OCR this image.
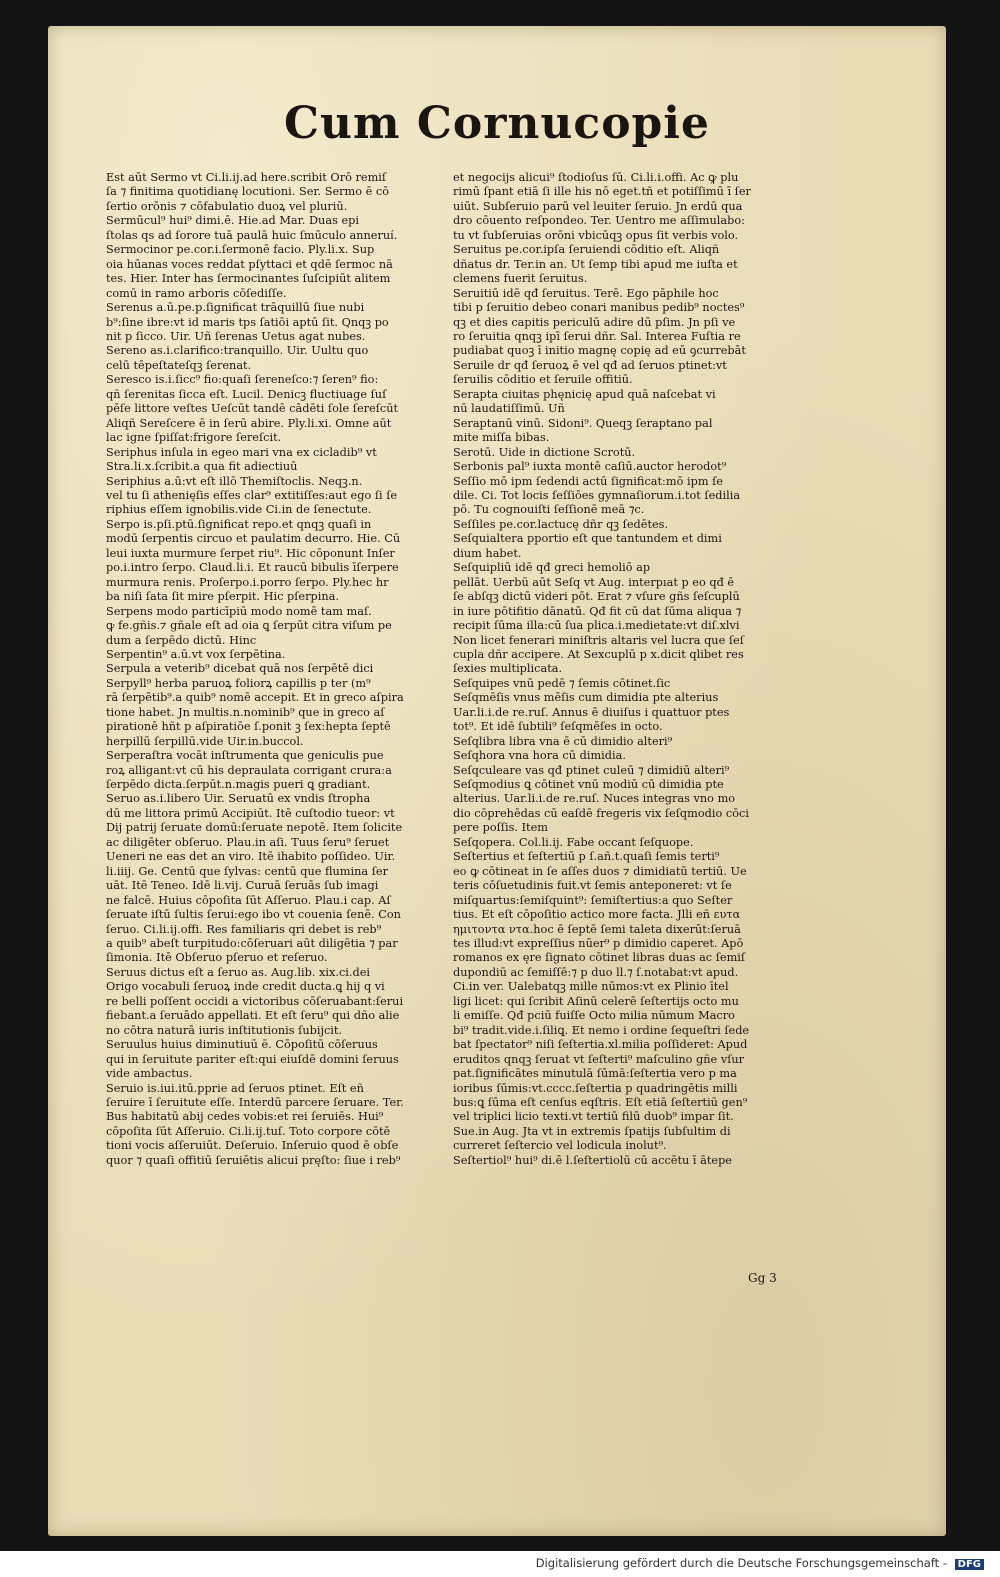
Cum Cornucopie

Est aūt Sermo vt Ci.li.ij.ad here.scribit Orō remiſ

ſa ⁊ finitima quotidianę locutioni. Ser. Sermo ē cō

ſertio orōnis ⁊ cōfabulatio duoꝝ vel pluriū.

Sermūcul⁹ hui⁹ dimi.ē. Hie.ad Mar. Duas epi

ſtolas qs ad ſorore tuā paulā huic ſmūculo anneruí.

Sermocinor pe.cor.i.ſermonē facio. Ply.li.x. Sup

oia hūanas voces reddat pſyttaci et qdē ſermoc nā

tes. Hier. Inter has ſermocinantes ſuſcipiūt alitem

comū in ramo arboris cōſediſſe.

Serenus a.ū.pe.p.ſignificat trāquillū ſiue nubi

b⁹:ſine ibre:vt id maris tps ſatiōi aptū ſit. Qnqꝫ po

nit p ſicco. Uir. Uñ ſerenas Uetus agat nubes.

Sereno as.i.clarifico:tranquillo. Uir. Uultu quo

celū tēpeſtateſqꝫ ſerenat.

Seresco is.i.ſicc⁹ fio:quaſi ſereneſco:⁊ ſeren⁹ fio:

qñ ſerenitas ſicca eſt. Lucil. Denicꝫ fluctiuage ſuſ

pēſe littore veſtes Ueſcūt tandē cādēti ſole ſereſcūt

Aliqñ Sereſcere ē in ſerū abire. Ply.li.xi. Omne aūt

lac igne ſpiſſat:frigore ſereſcit.

Seriphus inſula in egeo mari vna ex cicladib⁹ vt

Stra.li.x.ſcribit.a qua fit adiectiuū

Seriphius a.ū:vt eſt illō Themiſtoclis. Neqꝫ.n.

vel tu ſi athenięſis eſſes clar⁹ extitiſſes:aut ego ſi ſe

riphius eſſem ignobilis.vide Ci.in de ſenectute.

Serpo is.pſi.ptū.ſignificat repo.et qnqꝫ quaſi in

modū ſerpentis circuo et paulatim decurro. Hie. Cū

leui iuxta murmure ſerpet riu⁹. Hic cōponunt Inſer

po.i.intro ſerpo. Claud.li.i. Et raucū bibulis īſerpere

murmura renis. Proſerpo.i.porro ſerpo. Ply.hec hr

ba niſi ſata ſit mire pſerpit. Hic pſerpina.

Serpens modo particīpiū modo nomē tam maſ.

ꝙ fe.gñis.⁊ gñale eſt ad oia ꝗ ſerpūt citra viſum pe

dum a ſerpēdo dictū. Hinc

Serpentin⁹ a.ū.vt vox ſerpētina.

Serpula a veterib⁹ dicebat quā nos ſerpētē dici

Serpyll⁹ herba paruoꝝ foliorꝝ capillis p ter (m⁹

rā ſerpētib⁹.a quib⁹ nomē accepit. Et in greco aſpira

tione habet. Jn multis.n.nominib⁹ que in greco aſ

pirationē hñt p aſpiratiōe ſ.ponit ꝫ ſex:hepta ſeptē

herpillū ſerpillū.vide Uir.in.buccol.

Serperaſtra vocāt inſtrumenta que geniculis pue

roꝝ alligant:vt cū his depraulata corrigant crura:a

ſerpēdo dicta.ſerpūt.n.magis pueri ꝗ gradiant.

Seruo as.i.libero Uir. Seruatū ex vndis ſtropha

dū me littora primū Accipiūt. Itē cuſtodio tueor: vt

Dij patrij ſeruate domū:ſeruate nepotē. Item ſolicite

ac diligēter obſeruo. Plau.in aſi. Tuus ſeru⁹ ſeruet

Ueneri ne eas det an viro. Itē ihabito poſſideo. Uir.

li.iiij. Ge. Centū que ſylvas: centū que flumina ſer

uāt. Itē Teneo. Idē li.vij. Curuā ſeruās ſub imagi

ne falcē. Huius cōpoſita ſūt Aſſeruo. Plau.i cap. Aſ

ſeruate iſtū ſultis ſerui:ego ibo vt couenia ſenē. Con

ſeruo. Ci.li.ij.offi. Res familiaris qri debet is reb⁹

a quib⁹ abeſt turpitudo:cōſeruari aūt diligētia ⁊ par

ſimonia. Itē Obſeruo pſeruo et reſeruo.

Seruus dictus eſt a ſeruo as. Aug.lib. xix.ci.dei

Origo vocabuli ſeruoꝝ inde credit ducta.ꝗ hij q vi

re belli poſſent occidi a victoribus cōſeruabant:ſerui

fiebant.a ſeruādo appellati. Et eſt ſeru⁹ qui dño alie

no cōtra naturā iuris inſtitutionis ſubijcit.

Seruulus huius diminutiuū ē. Cōpoſitū cōſeruus

qui in ſeruitute pariter eſt:qui eiuſdē domini ſeruus

vide ambactus.

Seruio is.iui.itū.pprie ad ſeruos ptinet. Eſt eñ

ſeruire ī ſeruitute eſſe. Interdū parcere ſeruare. Ter.

Bus habitatū abij cedes vobis:et rei ſeruiēs. Hui⁹

cōpoſita ſūt Aſſeruio. Ci.li.ij.tuſ. Toto corpore cōtē

tioni vocis aſſeruiūt. Deſeruio. Inſeruio quod ē obſe

quor ⁊ quaſi offitiū ſeruiētis alicui pręſto: ſiue i reb⁹

et negocijs alicui⁹ ſtodioſus ſū. Ci.li.i.offi. Ac ꝙ plu

rimū ſpant etiā ſi ille his nō eget.tñ et potiſſimū ī ſer

uiūt. Subſeruio parū vel leuiter ſeruio. Jn erdū qua

dro cōuento reſpondeo. Ter. Uentro me aſſimulabo:

tu vt ſubſeruias orōni vbicūqꝫ opus ſit verbis volo.

Seruitus pe.cor.ipſa ſeruiendi cōditio eſt. Aliqñ

dñatus dr. Ter.in an. Ut ſemp tibi apud me iuſta et

clemens fuerit ſeruitus.

Seruitiū idē qđ ſeruitus. Terē. Ego pāphile hoc

tibi p ſeruitio debeo conari manibus pedib⁹ noctes⁹

qꝫ et dies capitis periculū adire dū pſim. Jn pſi ve

ro ſeruitia qnqꝫ ipī ſerui dñr. Sal. Interea Fuſtia re

pudiabat quoꝫ ī initio magnę copię ad eū ꝯcurrebāt

Seruile dr qđ ſeruoꝝ ē vel qđ ad ſeruos ptinet:vt

ſeruilis cōditio et ſeruile offitiū.

Serapta ciuitas phęnicię apud quā naſcebat vi

nū laudatiſſimū. Uñ

Seraptanū vinū. Sidoni⁹. Queqꝫ ſeraptano pal

mite miſſa bibas.

Serotū. Uide in dictione Scrotū.

Serbonis pal⁹ iuxta montē caſiū.auctor herodot⁹

Seſſio mō ipm ſedendi actū ſignificat:mō ipm ſe

dile. Ci. Tot locis ſeſſiōes gymnaſiorum.i.tot ſedilia

pō. Tu cognouiſti ſeſſionē meā ⁊c.

Seſſiles pe.cor.lactucę dñr qꝫ ſedētes.

Seſquialtera pportio eſt que tantundem et dimi

dium habet.

Seſquipliū idē qđ greci hemoliō ap

pellāt. Uerbū aūt Seſq vt Aug. interpıat p eo qđ ē

ſe abſqꝫ dictū videri pōt. Erat ⁊ vſure gñs ſeſcuplū

in iure pōtifitio dānatū. Qđ fit cū dat ſūma aliqua ⁊

recipit ſūma illa:cū ſua plica.i.medietate:vt diſ.xlvi

Non licet fenerari miniſtris altaris vel lucra que ſeſ

cupla dñr accipere. At Sexcuplū p x.dicit qlibet res

ſexies multiplicata.

Seſquipes vnū pedē ⁊ ſemis cōtinet.ſic

Seſqmēſis vnus mēſis cum dimidia pte alterius

Uar.li.i.de re.ruſ. Annus ē diuiſus i quattuor ptes

tot⁹. Et idē ſubtili⁹ ſeſqmēſes in octo.

Seſqlibra libra vna ē cū dimidio alteri⁹

Seſqhora vna hora cū dimidia.

Seſqculeare vas qđ ptinet culeū ⁊ dimidiū alteri⁹

Seſqmodius ꝗ cōtinet vnū modiū cū dimidia pte

alterius. Uar.li.i.de re.ruſ. Nuces integras vno mo

dio cōprehēdas cū eaſdē fregeris vix ſeſqmodio cōci

pere poſſis. Item

Seſqopera. Col.li.ij. Fabe occant ſeſquope.

Seſtertius et ſeſtertiū p ſ.añ.t.quaſi ſemis terti⁹

eo ꝙ cōtineat in ſe aſſes duos ⁊ dimidiatū tertiū. Ue

teris cōſuetudinis fuit.vt ſemis anteponeret: vt ſe

miſquartus:ſemiſquint⁹: ſemiſtertius:a quo Seſter

tius. Et eſt cōpoſitio actico more facta. Jlli eñ ευτα

ημιτοντα ντα.hoc ē ſeptē ſemi taleta dixerūt:ſeruā

tes illud:vt expreſſius nūer⁹ p dimidio caperet. Apō

romanos ex ęre ſignato cōtinet libras duas ac ſemiſ

dupondiū ac ſemiſſē:⁊ p duo ll.⁊ ſ.notabat:vt apud.

Ci.in ver. Ualebatqꝫ mille nūmos:vt ex Plinio ītel

ligi licet: qui ſcribit Aſinū celerē ſeſtertijs octo mu

li emiſſe. Qđ pciū fuiſſe Octo milia nūmum Macro

bi⁹ tradit.vide.i.ſiliꝗ. Et nemo i ordine ſequeſtri ſede

bat ſpectator⁹ niſi ſeſtertia.xl.milia poſſideret: Apud

eruditos qnqꝫ ſeruat vt ſeſterti⁹ maſculino gñe vſur

pat.ſignificātes minutulā ſūmā:ſeſtertia vero p ma

ioribus ſūmis:vt.cccc.ſeſtertia p quadringētis milli

bus:ꝗ ſūma eſt cenſus eqſtris. Eſt etiā ſeſtertiū gen⁹

vel triplici licio texti.vt tertiū filū duob⁹ impar ſit.

Sue.in Aug. Jta vt in extremis ſpatijs ſubſultim di

curreret ſeſtercio vel lodicula inolut⁹.

Seſtertiol⁹ hui⁹ di.ē l.ſeſtertiolū cū accētu ī ātepe

Gg 3
Digitalisierung gefördert durch die Deutsche Forschungsgemeinschaft - DFG
